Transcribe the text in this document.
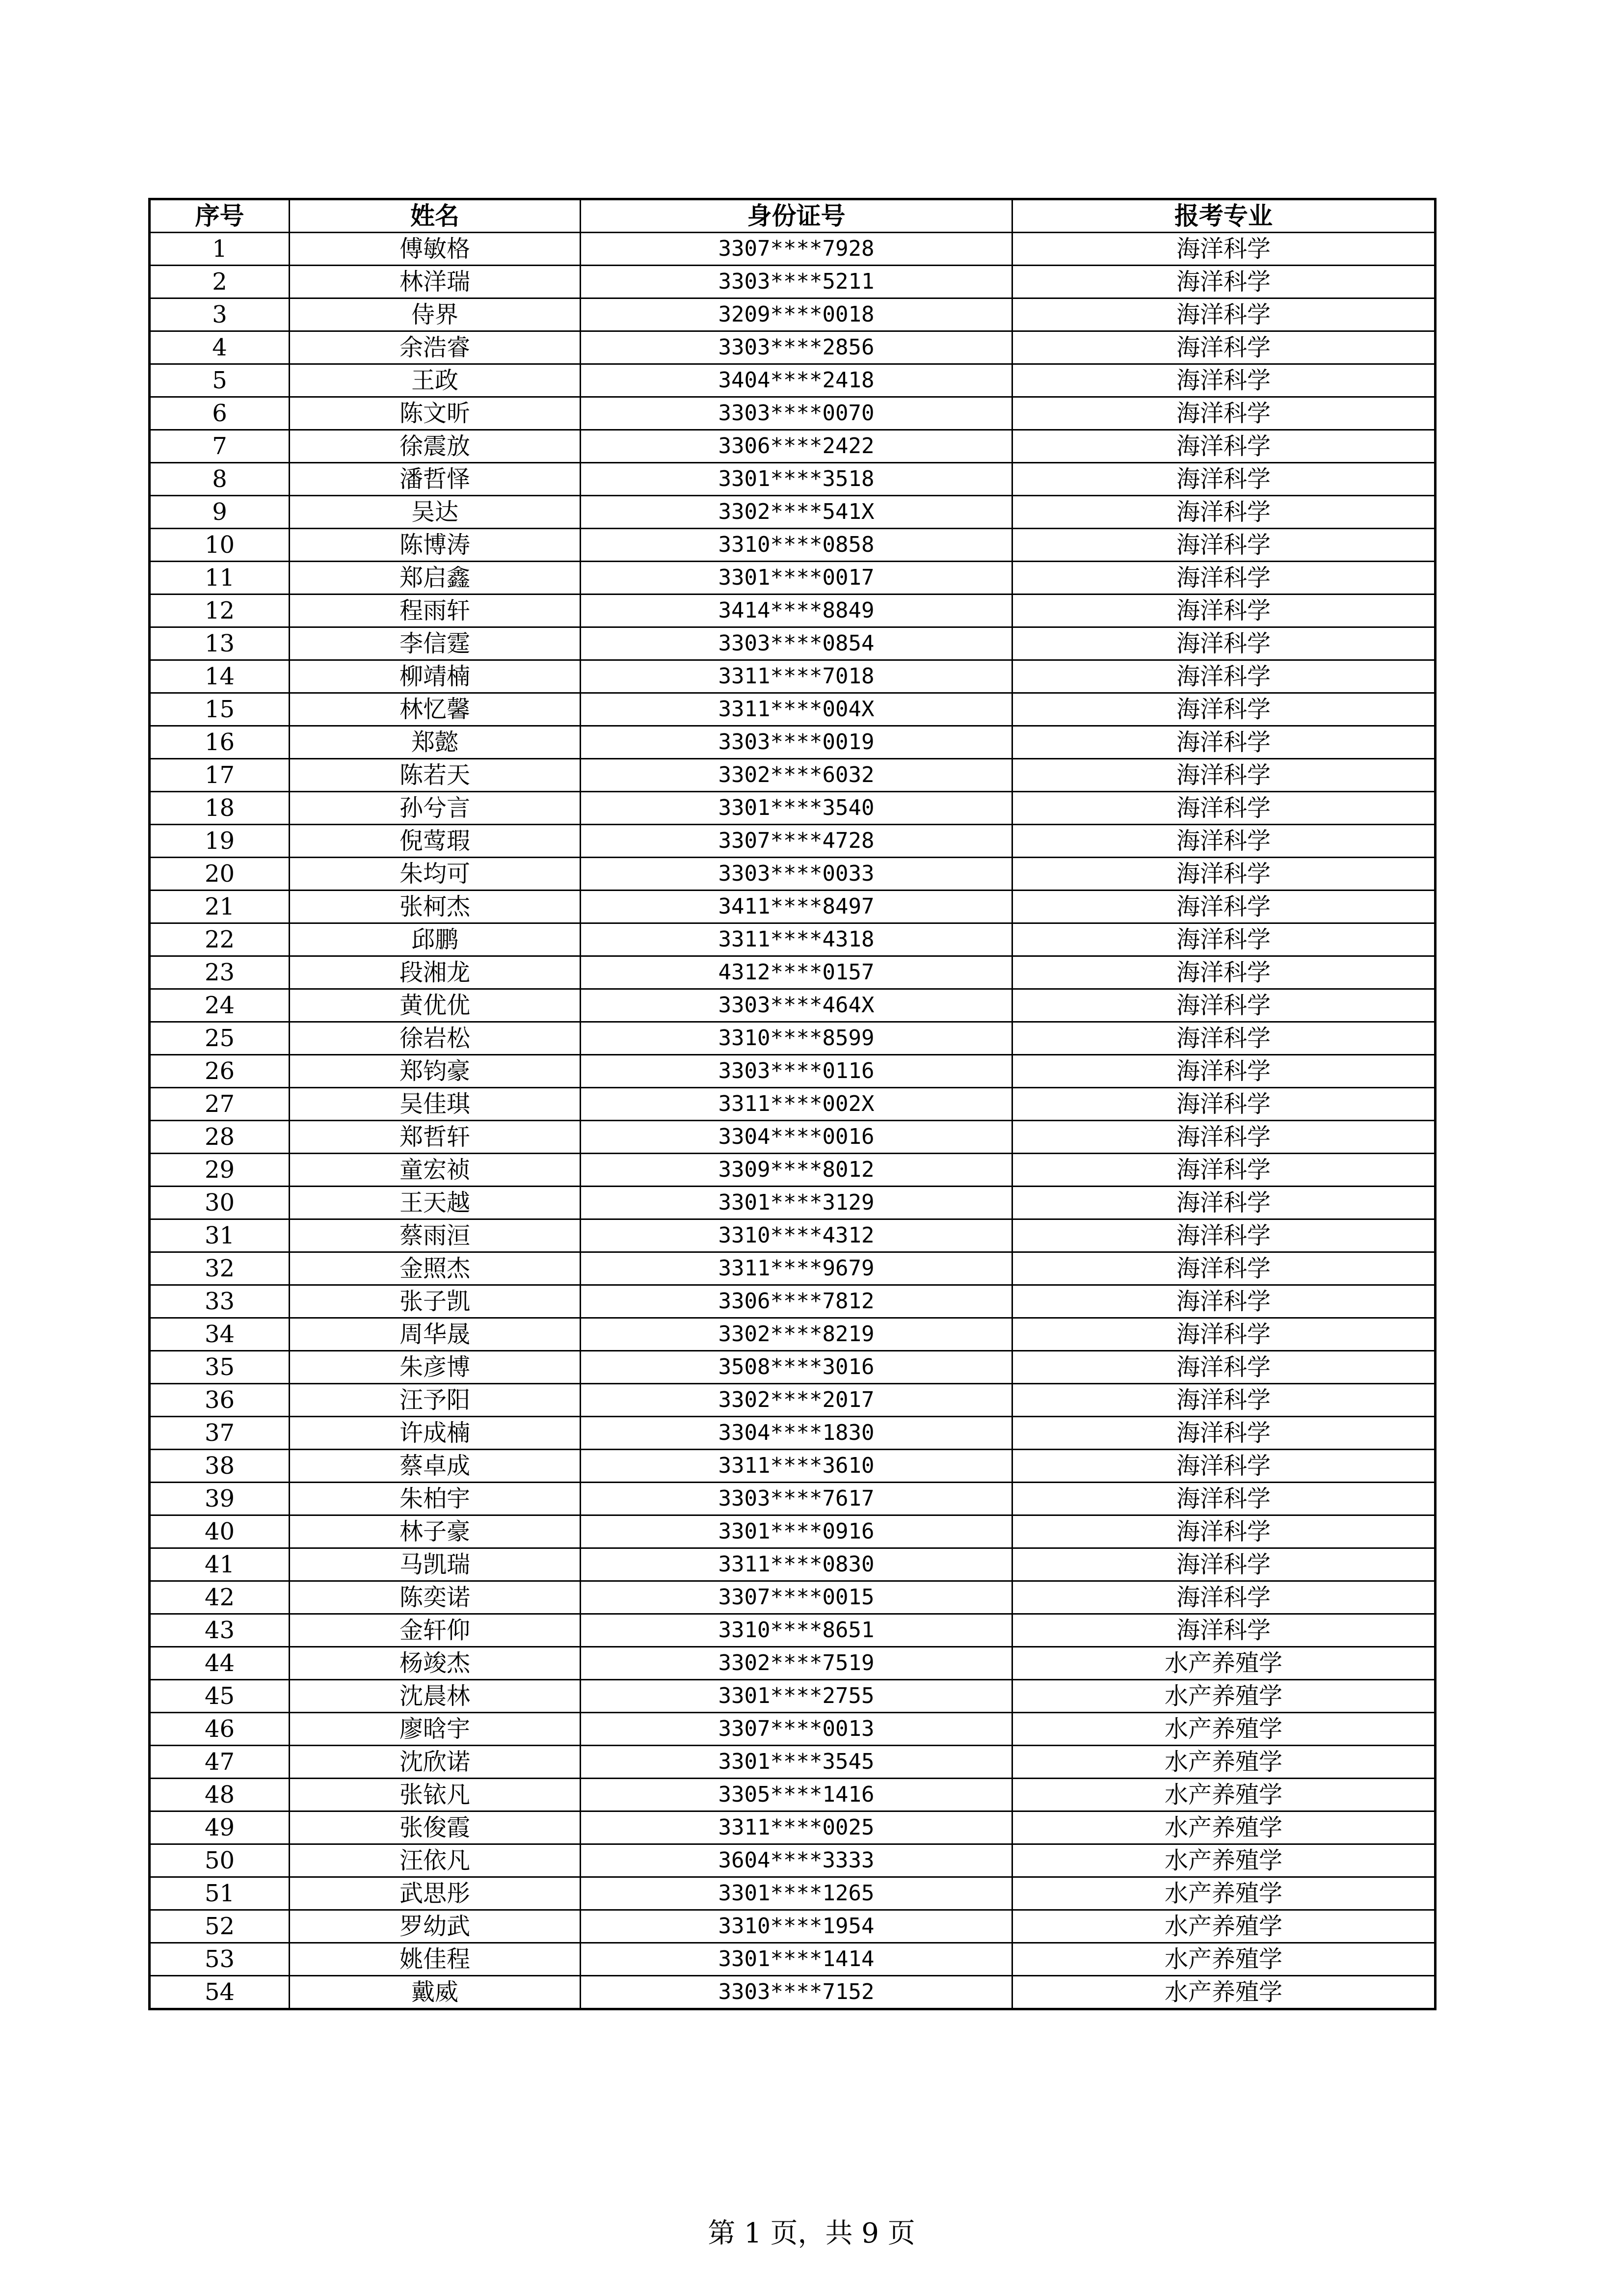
序号	姓名	身份证号	报考专业
1	傅敏格	3307****7928	海洋科学
2	林洋瑞	3303****5211	海洋科学
3	侍界	3209****0018	海洋科学
4	余浩睿	3303****2856	海洋科学
5	王政	3404****2418	海洋科学
6	陈文昕	3303****0070	海洋科学
7	徐震放	3306****2422	海洋科学
8	潘哲怿	3301****3518	海洋科学
9	吴达	3302****541X	海洋科学
10	陈博涛	3310****0858	海洋科学
11	郑启鑫	3301****0017	海洋科学
12	程雨轩	3414****8849	海洋科学
13	李信霆	3303****0854	海洋科学
14	柳靖楠	3311****7018	海洋科学
15	林忆馨	3311****004X	海洋科学
16	郑懿	3303****0019	海洋科学
17	陈若天	3302****6032	海洋科学
18	孙兮言	3301****3540	海洋科学
19	倪莺瑕	3307****4728	海洋科学
20	朱均可	3303****0033	海洋科学
21	张柯杰	3411****8497	海洋科学
22	邱鹏	3311****4318	海洋科学
23	段湘龙	4312****0157	海洋科学
24	黄优优	3303****464X	海洋科学
25	徐岩松	3310****8599	海洋科学
26	郑钧豪	3303****0116	海洋科学
27	吴佳琪	3311****002X	海洋科学
28	郑哲轩	3304****0016	海洋科学
29	童宏祯	3309****8012	海洋科学
30	王天越	3301****3129	海洋科学
31	蔡雨洹	3310****4312	海洋科学
32	金照杰	3311****9679	海洋科学
33	张子凯	3306****7812	海洋科学
34	周华晟	3302****8219	海洋科学
35	朱彦博	3508****3016	海洋科学
36	汪予阳	3302****2017	海洋科学
37	许成楠	3304****1830	海洋科学
38	蔡卓成	3311****3610	海洋科学
39	朱柏宇	3303****7617	海洋科学
40	林子豪	3301****0916	海洋科学
41	马凯瑞	3311****0830	海洋科学
42	陈奕诺	3307****0015	海洋科学
43	金轩仰	3310****8651	海洋科学
44	杨竣杰	3302****7519	水产养殖学
45	沈晨林	3301****2755	水产养殖学
46	廖晗宇	3307****0013	水产养殖学
47	沈欣诺	3301****3545	水产养殖学
48	张铱凡	3305****1416	水产养殖学
49	张俊霞	3311****0025	水产养殖学
50	汪依凡	3604****3333	水产养殖学
51	武思彤	3301****1265	水产养殖学
52	罗幼武	3310****1954	水产养殖学
53	姚佳程	3301****1414	水产养殖学
54	戴威	3303****7152	水产养殖学
第 1 页，共 9 页
